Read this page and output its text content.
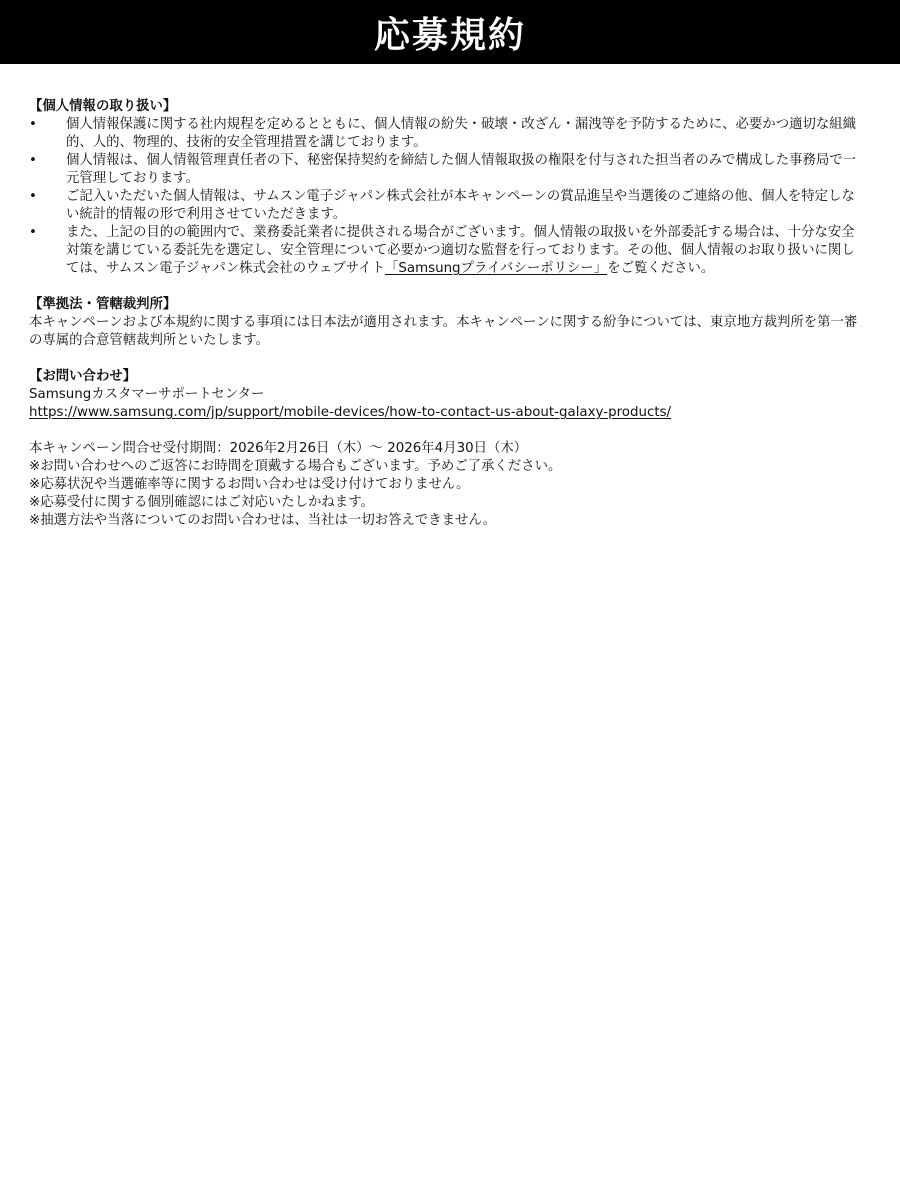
応募規約

【個人情報の取り扱い】

•	個人情報保護に関する社内規程を定めるとともに、個人情報の紛失・破壊・改ざん・漏洩等を予防するために、必要かつ適切な組織的、人的、物理的、技術的安全管理措置を講じております。
•	個人情報は、個人情報管理責任者の下、秘密保持契約を締結した個人情報取扱の権限を付与された担当者のみで構成した事務局で一元管理しております。
•	ご記入いただいた個人情報は、サムスン電子ジャパン株式会社が本キャンペーンの賞品進呈や当選後のご連絡の他、個人を特定しない統計的情報の形で利用させていただきます。
•	また、上記の目的の範囲内で、業務委託業者に提供される場合がございます。個人情報の取扱いを外部委託する場合は、十分な安全対策を講じている委託先を選定し、安全管理について必要かつ適切な監督を行っております。その他、個人情報のお取り扱いに関しては、サムスン電子ジャパン株式会社のウェブサイト「Samsungプライバシーポリシー」をご覧ください。

【準拠法・管轄裁判所】

本キャンペーンおよび本規約に関する事項には日本法が適用されます。本キャンペーンに関する紛争については、東京地方裁判所を第一審の専属的合意管轄裁判所といたします。

【お問い合わせ】

Samsungカスタマーサポートセンター

https://www.samsung.com/jp/support/mobile-devices/how-to-contact-us-about-galaxy-products/

本キャンペーン問合せ受付期間：2026年2月26日（木）～ 2026年4月30日（木）

※お問い合わせへのご返答にお時間を頂戴する場合もございます。予めご了承ください。

※応募状況や当選確率等に関するお問い合わせは受け付けておりません。

※応募受付に関する個別確認にはご対応いたしかねます。

※抽選方法や当落についてのお問い合わせは、当社は一切お答えできません。
